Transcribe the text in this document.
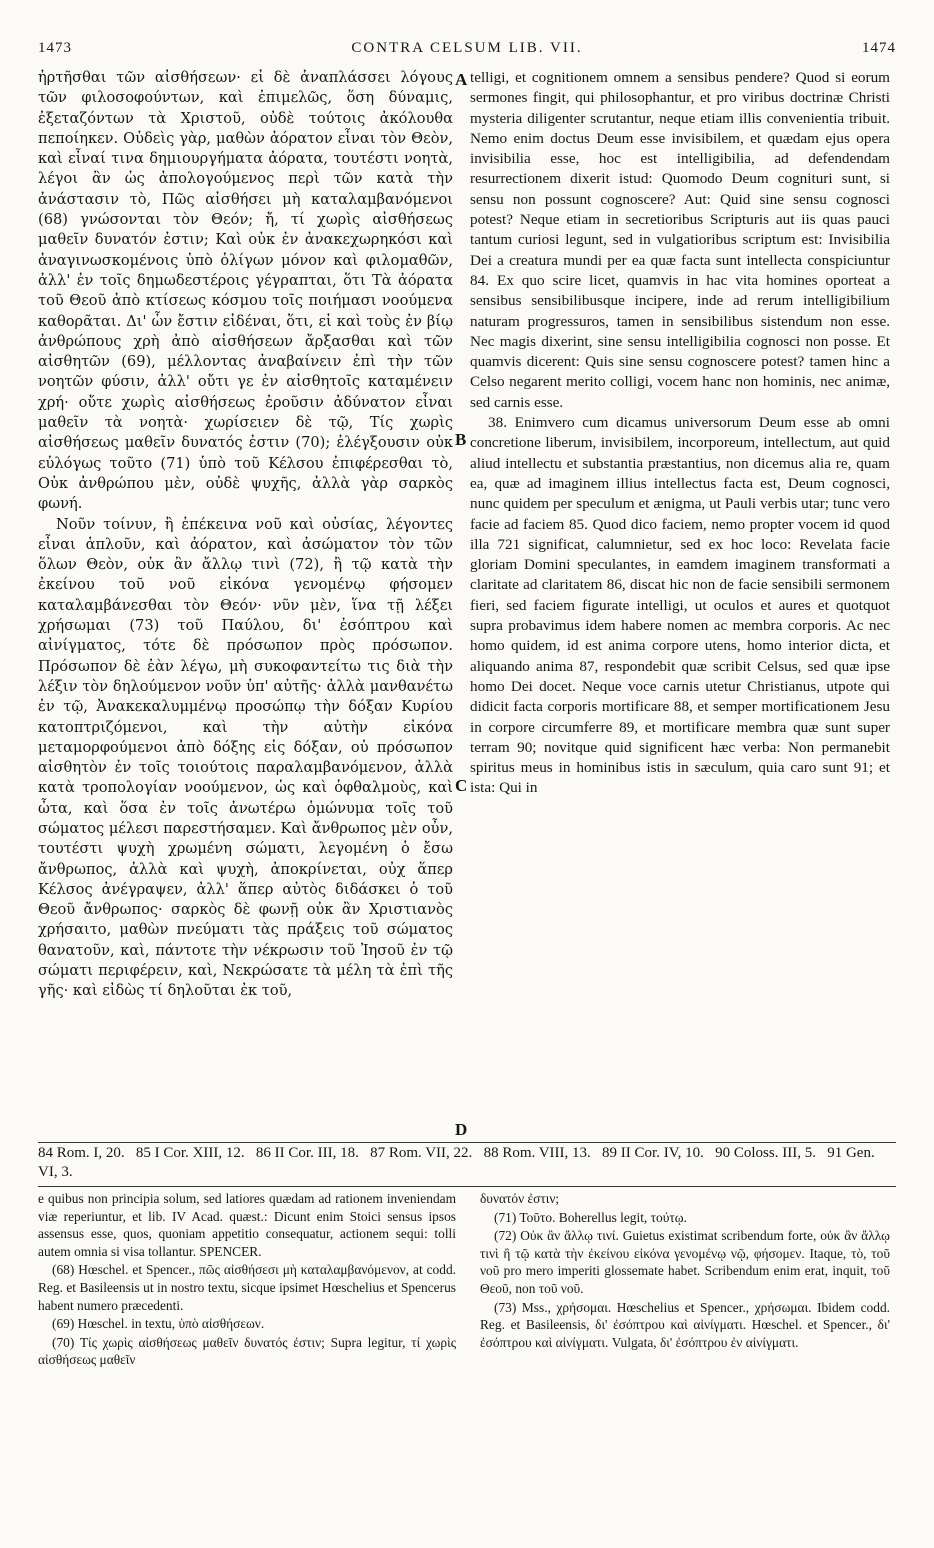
1473	CONTRA CELSUM LIB. VII.	1474

ἠρτῆσθαι τῶν αἰσθήσεων· εἰ δὲ ἀναπλάσσει λόγους τῶν φιλοσοφούντων, καὶ ἐπιμελῶς, ὅση δύναμις, ἐξεταζόντων τὰ Χριστοῦ, οὐδὲ τούτοις ἀκόλουθα πεποίηκεν. Οὐδεὶς γὰρ, μαθὼν ἀόρατον εἶναι τὸν Θεὸν, καὶ εἶναί τινα δημιουργήματα ἀόρατα, τουτέστι νοητὰ, λέγοι ἂν ὡς ἀπολογούμενος περὶ τῶν κατὰ τὴν ἀνάστασιν τὸ, Πῶς αἰσθήσει μὴ καταλαμβανόμενοι (68) γνώσονται τὸν Θεόν; ἤ, τί χωρὶς αἰσθήσεως μαθεῖν δυνατόν ἐστιν; Καὶ οὐκ ἐν ἀνακεχωρηκόσι καὶ ἀναγινωσκομένοις ὑπὸ ὀλίγων μόνον καὶ φιλομαθῶν, ἀλλ' ἐν τοῖς δημωδεστέροις γέγραπται, ὅτι Τὰ ἀόρατα τοῦ Θεοῦ ἀπὸ κτίσεως κόσμου τοῖς ποιήμασι νοούμενα καθορᾶται. Δι' ὧν ἔστιν εἰδέναι, ὅτι, εἰ καὶ τοὺς ἐν βίῳ ἀνθρώπους χρὴ ἀπὸ αἰσθήσεων ἄρξασθαι καὶ τῶν αἰσθητῶν (69), μέλλοντας ἀναβαίνειν ἐπὶ τὴν τῶν νοητῶν φύσιν, ἀλλ' οὔτι γε ἐν αἰσθητοῖς καταμένειν χρή· οὔτε χωρὶς αἰσθήσεως ἐροῦσιν ἀδύνατον εἶναι μαθεῖν τὰ νοητὰ· χωρίσειεν δὲ τῷ, Τίς χωρὶς αἰσθήσεως μαθεῖν δυνατός ἐστιν (70); ἐλέγξουσιν οὐκ εὐλόγως τοῦτο (71) ὑπὸ τοῦ Κέλσου ἐπιφέρεσθαι τὸ, Οὐκ ἀνθρώπου μὲν, οὐδὲ ψυχῆς, ἀλλὰ γὰρ σαρκὸς φωνή.

Νοῦν τοίνυν, ἢ ἐπέκεινα νοῦ καὶ οὐσίας, λέγοντες εἶναι ἁπλοῦν, καὶ ἀόρατον, καὶ ἀσώματον τὸν τῶν ὅλων Θεὸν, οὐκ ἂν ἄλλῳ τινὶ (72), ἢ τῷ κατὰ τὴν ἐκείνου τοῦ νοῦ εἰκόνα γενομένῳ φήσομεν καταλαμβάνεσθαι τὸν Θεόν· νῦν μὲν, ἵνα τῇ λέξει χρήσωμαι (73) τοῦ Παύλου, δι' ἐσόπτρου καὶ αἰνίγματος, τότε δὲ πρόσωπον πρὸς πρόσωπον. Πρόσωπον δὲ ἐὰν λέγω, μὴ συκοφαντείτω τις διὰ τὴν λέξιν τὸν δηλούμενον νοῦν ὑπ' αὐτῆς· ἀλλὰ μανθανέτω ἐν τῷ, Ἀνακεκαλυμμένῳ προσώπῳ τὴν δόξαν Κυρίου κατοπτριζόμενοι, καὶ τὴν αὐτὴν εἰκόνα μεταμορφούμενοι ἀπὸ δόξης εἰς δόξαν, οὐ πρόσωπον αἰσθητὸν ἐν τοῖς τοιούτοις παραλαμβανόμενον, ἀλλὰ κατὰ τροπολογίαν νοούμενον, ὡς καὶ ὀφθαλμοὺς, καὶ ὦτα, καὶ ὅσα ἐν τοῖς ἀνωτέρω ὁμώνυμα τοῖς τοῦ σώματος μέλεσι παρεστήσαμεν. Καὶ ἄνθρωπος μὲν οὖν, τουτέστι ψυχὴ χρωμένη σώματι, λεγομένη ὁ ἔσω ἄνθρωπος, ἀλλὰ καὶ ψυχὴ, ἀποκρίνεται, οὐχ ἅπερ Κέλσος ἀνέγραψεν, ἀλλ' ἅπερ αὐτὸς διδάσκει ὁ τοῦ Θεοῦ ἄνθρωπος· σαρκὸς δὲ φωνῇ οὐκ ἂν Χριστιανὸς χρήσαιτο, μαθὼν πνεύματι τὰς πράξεις τοῦ σώματος θανατοῦν, καὶ, πάντοτε τὴν νέκρωσιν τοῦ Ἰησοῦ ἐν τῷ σώματι περιφέρειν, καὶ, Νεκρώσατε τὰ μέλη τὰ ἐπὶ τῆς γῆς· καὶ εἰδὼς τί δηλοῦται ἐκ τοῦ,

A
B
C
D

telligi, et cognitionem omnem a sensibus pendere? Quod si eorum sermones fingit, qui philosophantur, et pro viribus doctrinæ Christi mysteria diligenter scrutantur, neque etiam illis convenientia tribuit. Nemo enim doctus Deum esse invisibilem, et quædam ejus opera invisibilia esse, hoc est intelligibilia, ad defendendam resurrectionem dixerit istud: Quomodo Deum cognituri sunt, si sensu non possunt cognoscere? Aut: Quid sine sensu cognosci potest? Neque etiam in secretioribus Scripturis aut iis quas pauci tantum curiosi legunt, sed in vulgatioribus scriptum est: Invisibilia Dei a creatura mundi per ea quæ facta sunt intellecta conspiciuntur 84. Ex quo scire licet, quamvis in hac vita homines oporteat a sensibus sensibilibusque incipere, inde ad rerum intelligibilium naturam progressuros, tamen in sensibilibus sistendum non esse. Nec magis dixerint, sine sensu intelligibilia cognosci non posse. Et quamvis dicerent: Quis sine sensu cognoscere potest? tamen hinc a Celso negarent merito colligi, vocem hanc non hominis, nec animæ, sed carnis esse.

38. Enimvero cum dicamus universorum Deum esse ab omni concretione liberum, invisibilem, incorporeum, intellectum, aut quid aliud intellectu et substantia præstantius, non dicemus alia re, quam ea, quæ ad imaginem illius intellectus facta est, Deum cognosci, nunc quidem per speculum et ænigma, ut Pauli verbis utar; tunc vero facie ad faciem 85. Quod dico faciem, nemo propter vocem id quod illa 721 significat, calumnietur, sed ex hoc loco: Revelata facie gloriam Domini speculantes, in eamdem imaginem transformati a claritate ad claritatem 86, discat hic non de facie sensibili sermonem fieri, sed faciem figurate intelligi, ut oculos et aures et quotquot supra probavimus idem habere nomen ac membra corporis. Ac nec homo quidem, id est anima corpore utens, homo interior dicta, et aliquando anima 87, respondebit quæ scribit Celsus, sed quæ ipse homo Dei docet. Neque voce carnis utetur Christianus, utpote qui didicit facta corporis mortificare 88, et semper mortificationem Jesu in corpore circumferre 89, et mortificare membra quæ sunt super terram 90; novitque quid significent hæc verba: Non permanebit spiritus meus in hominibus istis in sæculum, quia caro sunt 91; et ista: Qui in

84 Rom. I, 20. 85 I Cor. XIII, 12. 86 II Cor. III, 18. 87 Rom. VII, 22. 88 Rom. VIII, 13. 89 II Cor. IV, 10. 90 Coloss. III, 5. 91 Gen. VI, 3.

e quibus non principia solum, sed latiores quædam ad rationem inveniendam viæ reperiuntur, et lib. IV Acad. quæst.: Dicunt enim Stoici sensus ipsos assensus esse, quos, quoniam appetitio consequatur, actionem sequi: tolli autem omnia si visa tollantur. SPENCER.

(68) Hœschel. et Spencer., πῶς αἰσθήσεσι μὴ καταλαμβανόμενον, at codd. Reg. et Basileensis ut in nostro textu, sicque ipsimet Hœschelius et Spencerus habent numero præcedenti.

(69) Hœschel. in textu, ὑπὸ αἰσθήσεων.

(70) Τίς χωρὶς αἰσθήσεως μαθεῖν δυνατός ἐστιν; Supra legitur, τί χωρὶς αἰσθήσεως μαθεῖν

δυνατόν ἐστιν;

(71) Τοῦτο. Boherellus legit, τούτῳ.

(72) Οὐκ ἂν ἄλλῳ τινί. Guietus existimat scribendum forte, οὐκ ἂν ἄλλῳ τινὶ ἢ τῷ κατὰ τὴν ἐκείνου εἰκόνα γενομένῳ νῷ, φήσομεν. Itaque, τὸ, τοῦ νοῦ pro mero imperiti glossemate habet. Scribendum enim erat, inquit, τοῦ Θεοῦ, non τοῦ νοῦ.

(73) Mss., χρήσομαι. Hœschelius et Spencer., χρήσωμαι. Ibidem codd. Reg. et Basileensis, δι' ἐσόπτρου καὶ αἰνίγματι. Hœschel. et Spencer., δι' ἐσόπτρου καὶ αἰνίγματι. Vulgata, δι' ἐσόπτρου ἐν αἰνίγματι.
